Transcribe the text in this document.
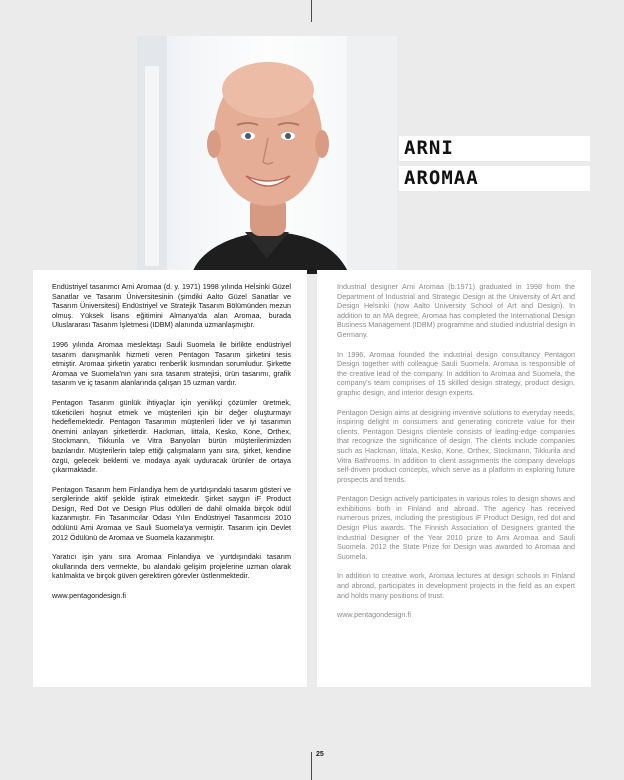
ARNI
AROMAA

Endüstriyel tasarımcı Arni Aromaa (d. y. 1971) 1998 yılında Helsinki Güzel Sanatlar ve Tasarım Üniversitesinin (şimdiki Aalto Güzel Sanatlar ve Tasarım Üniversitesi) Endüstriyel ve Stratejik Tasarım Bölümünden mezun olmuş. Yüksek lisans eğitimini Almanya'da alan Aromaa, burada Uluslararası Tasarım İşletmesi (IDBM) alanında uzmanlaşmıştır.

1996 yılında Aromaa meslektaşı Sauli Suomela ile birlikte endüstriyel tasarım danışmanlık hizmeti veren Pentagon Tasarım şirketini tesis etmiştir. Aromaa şirketin yaratıcı renberlik kısmından sorumludur. Şirkette Aromaa ve Suomela'nın yanı sıra tasarım stratejisi, ürün tasarımı, grafik tasarım ve iç tasarım alanlarında çalışan 15 uzman vardır.

Pentagon Tasarım günlük ihtiyaçlar için yenilikçi çözümler üretmek, tüketicileri hoşnut etmek ve müşterileri için bir değer oluşturmayı hedeflemektedir. Pentagon Tasarımın müşterileri lider ve iyi tasarımın önemini anlayan şirketlerdir. Hackman, Iittala, Kesko, Kone, Orthex, Stockmann, Tikkurila ve Vitra Banyoları bürün müşterilerimizden bazılarıdır. Müşterilerin talep ettiği çalışmaların yanı sıra, şirket, kendine özgü, gelecek beklenti ve modaya ayak uyduracak ürünler de ortaya çıkarmaktadır.

Pentagon Tasarım hem Finlandiya hem de yurtdışındaki tasarım gösteri ve sergilerinde aktif şekilde iştirak etmektedir. Şirket saygın iF Product Design, Red Dot ve Design Plus ödülleri de dahil olmakla birçok ödül kazanmıştır. Fin Tasarımcılar Odası Yılın Endüstriyel Tasarımcısı 2010 ödülünü Arni Aromaa ve Sauli Suomela'ya vermiştir. Tasarım için Devlet 2012 Ödülünü de Aromaa ve Suomela kazanmıştır.

Yaratıcı işin yanı sıra Aromaa Finlandiya ve yurtdışındaki tasarım okullarında ders vermekte, bu alandaki gelişim projelerine uzman olarak katılmakta ve birçok güven gerektiren görevler üstlenmektedir.

www.pentagondesign.fi

Industrial designer Arni Aromaa (b.1971) graduated in 1998 from the Department of Industrial and Strategic Design at the University of Art and Design Helsinki (now Aalto University School of Art and Design). In addition to an MA degree, Aromaa has completed the International Design Business Management (IDBM) programme and studied industrial design in Germany.

In 1996, Aromaa founded the industrial design consultancy Pentagon Design together with colleague Sauli Suomela. Aromaa is responsible of the creative lead of the company. In addition to Aromaa and Suomela, the company's team comprises of 15 skilled design strategy, product design, graphic design, and interior design experts.

Pentagon Design aims at designing inventive solutions to everyday needs, inspiring delight in consumers and generating concrete value for their clients. Pentagon Designs clientele consists of leading-edge companies that recognize the significance of design. The clients include companies such as Hackman, Iittala, Kesko, Kone, Orthex, Stockmann, Tikkurila and Vitra Bathrooms. In addition to client assignments the company develops self-driven product concepts, which serve as a platform in exploring future prospects and trends.

Pentagon Design actively participates in various roles to design shows and exhibitions both in Finland and abroad. The agency has received numerous prizes, including the prestigious iF Product Design, red dot and Design Plus awards. The Finnish Association of Designers granted the Industrial Designer of the Year 2010 prize to Arni Aromaa and Sauli Suomela. 2012 the State Prize for Design was awarded to Aromaa and Suomela.

In addition to creative work, Aromaa lectures at design schools in Finland and abroad, participates in development projects in the field as an expert and holds many positions of trust.

www.pentagondesign.fi

25
